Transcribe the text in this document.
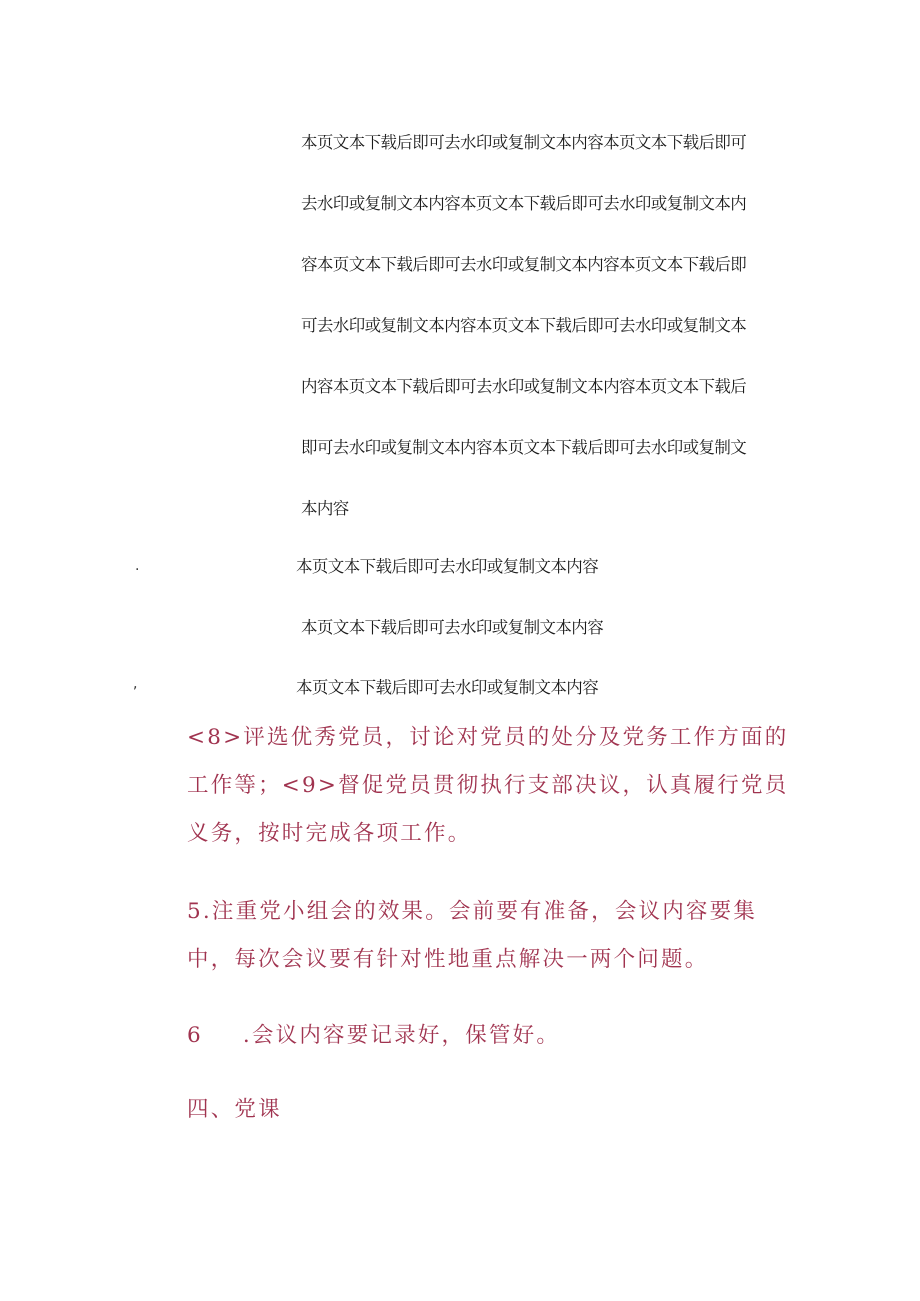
本页文本下载后即可去水印或复制文本内容本页文本下载后即可
去水印或复制文本内容本页文本下载后即可去水印或复制文本内
容本页文本下载后即可去水印或复制文本内容本页文本下载后即
可去水印或复制文本内容本页文本下载后即可去水印或复制文本
内容本页文本下载后即可去水印或复制文本内容本页文本下载后
即可去水印或复制文本内容本页文本下载后即可去水印或复制文
本内容
.	本页文本下载后即可去水印或复制文本内容
本页文本下载后即可去水印或复制文本内容
,	本页文本下载后即可去水印或复制文本内容

<8>评选优秀党员，讨论对党员的处分及党务工作方面的工作等；<9>督促党员贯彻执行支部决议，认真履行党员义务，按时完成各项工作。

5.注重党小组会的效果。会前要有准备，会议内容要集中，每次会议要有针对性地重点解决一两个问题。

6 .会议内容要记录好，保管好。

四、党课
